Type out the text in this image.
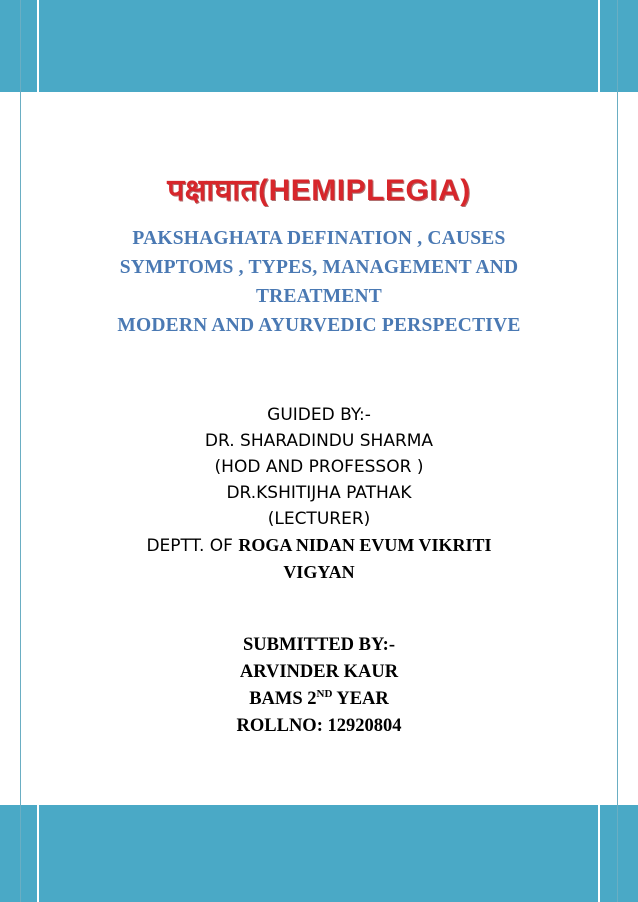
पक्षाघात(HEMIPLEGIA)
PAKSHAGHATA DEFINATION , CAUSES
SYMPTOMS , TYPES, MANAGEMENT AND
TREATMENT
MODERN AND AYURVEDIC PERSPECTIVE
GUIDED BY:-
DR. SHARADINDU SHARMA
(HOD AND PROFESSOR )
DR.KSHITIJHA PATHAK
(LECTURER)
DEPTT. OF ROGA NIDAN EVUM VIKRITI
VIGYAN
SUBMITTED BY:-
ARVINDER KAUR
BAMS 2ND YEAR
ROLLNO: 12920804
